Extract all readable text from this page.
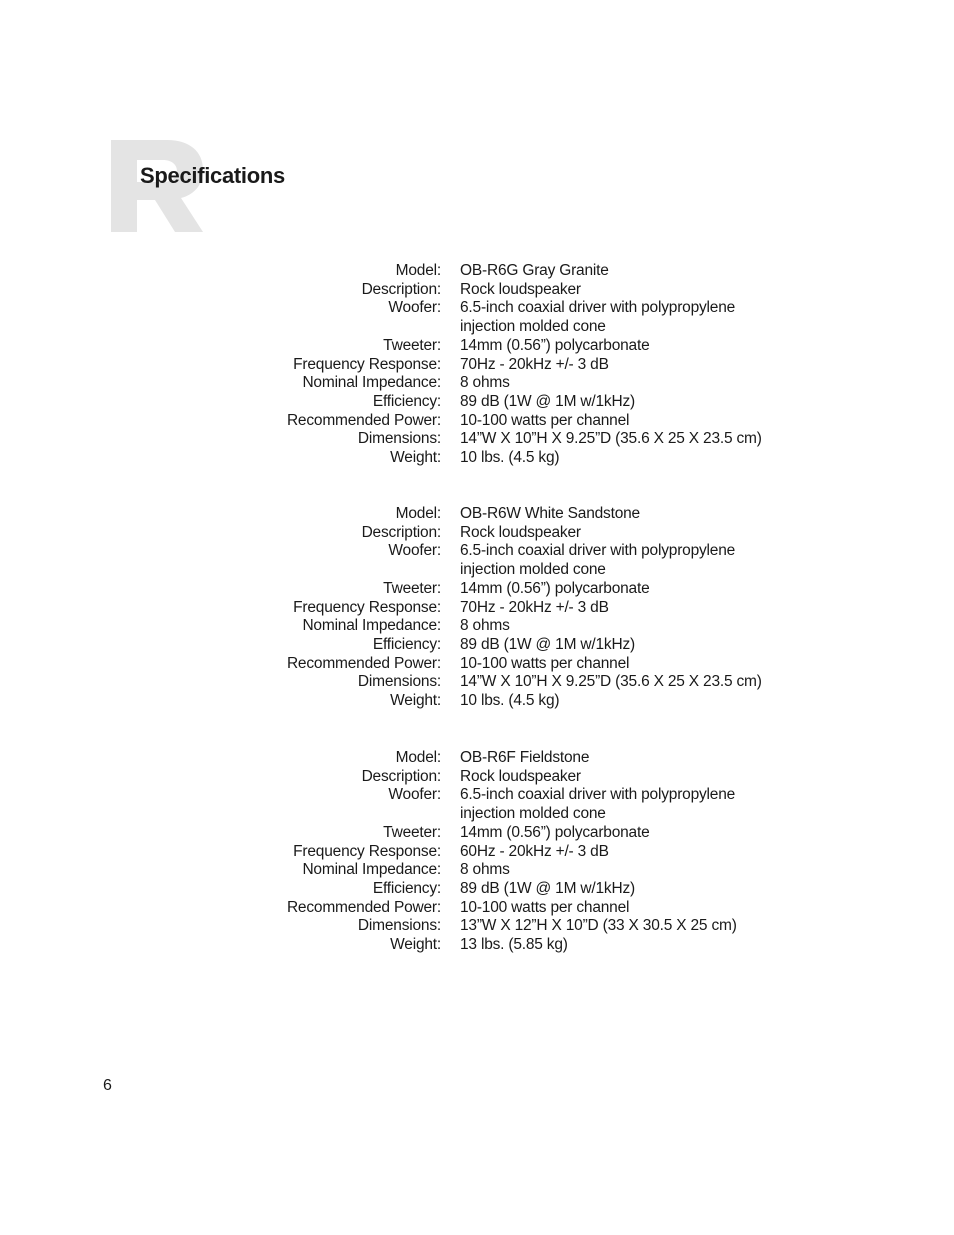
Specifications
Model: OB-R6G Gray Granite
Description: Rock loudspeaker
Woofer: 6.5-inch coaxial driver with polypropylene
injection molded cone
Tweeter: 14mm (0.56”) polycarbonate
Frequency Response: 70Hz - 20kHz +/- 3 dB
Nominal Impedance: 8 ohms
Efficiency: 89 dB (1W @ 1M w/1kHz)
Recommended Power: 10-100 watts per channel
Dimensions: 14”W X 10”H X 9.25”D (35.6 X 25 X 23.5 cm)
Weight: 10 lbs. (4.5 kg)
Model: OB-R6W White Sandstone
Description: Rock loudspeaker
Woofer: 6.5-inch coaxial driver with polypropylene
injection molded cone
Tweeter: 14mm (0.56”) polycarbonate
Frequency Response: 70Hz - 20kHz +/- 3 dB
Nominal Impedance: 8 ohms
Efficiency: 89 dB (1W @ 1M w/1kHz)
Recommended Power: 10-100 watts per channel
Dimensions: 14”W X 10”H X 9.25”D (35.6 X 25 X 23.5 cm)
Weight: 10 lbs. (4.5 kg)
Model: OB-R6F Fieldstone
Description: Rock loudspeaker
Woofer: 6.5-inch coaxial driver with polypropylene
injection molded cone
Tweeter: 14mm (0.56”) polycarbonate
Frequency Response: 60Hz - 20kHz +/- 3 dB
Nominal Impedance: 8 ohms
Efficiency: 89 dB (1W @ 1M w/1kHz)
Recommended Power: 10-100 watts per channel
Dimensions: 13”W X 12”H X 10”D (33 X 30.5 X 25 cm)
Weight: 13 lbs. (5.85 kg)
6
